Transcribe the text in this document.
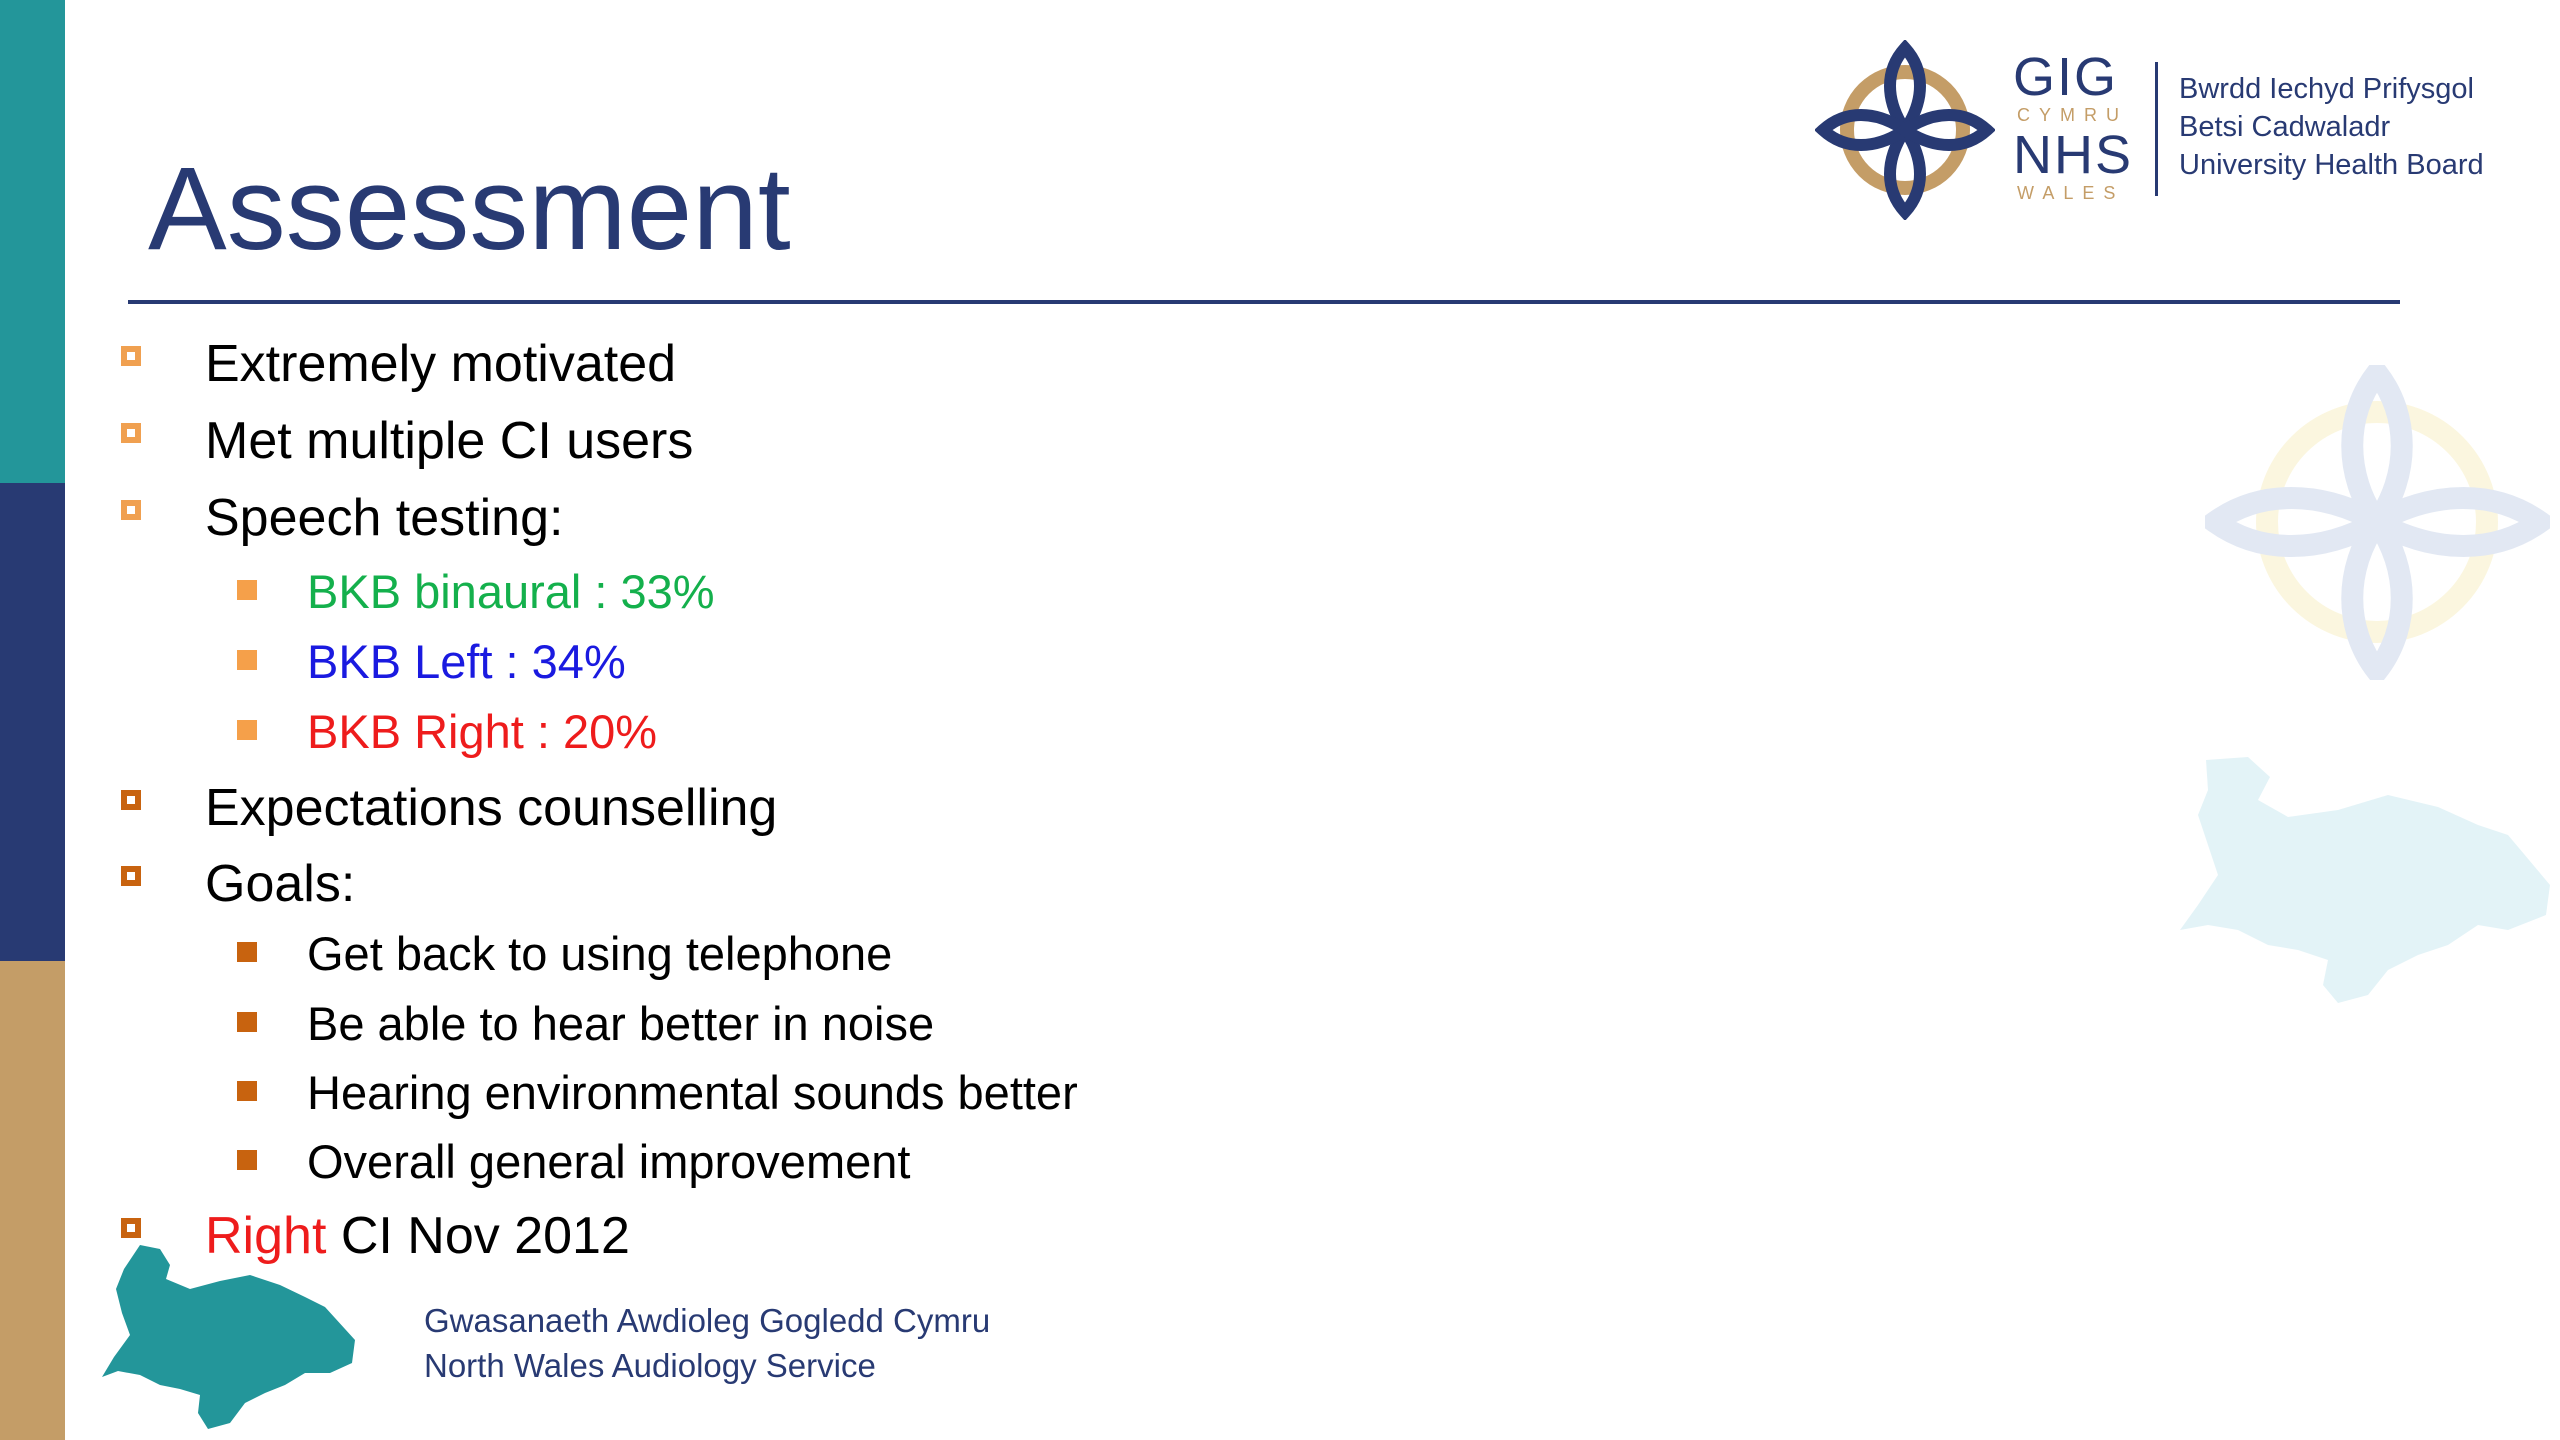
GIG
CYMRU
NHS
WALES
Bwrdd Iechyd Prifysgol
Betsi Cadwaladr
University Health Board
Assessment
Extremely motivated
Met multiple CI users
Speech testing:
BKB binaural : 33%
BKB Left : 34%
BKB Right : 20%
Expectations counselling
Goals:
Get back to using telephone
Be able to hear better in noise
Hearing environmental sounds better
Overall general improvement
Right CI Nov 2012
Gwasanaeth Awdioleg Gogledd Cymru
North Wales Audiology Service
